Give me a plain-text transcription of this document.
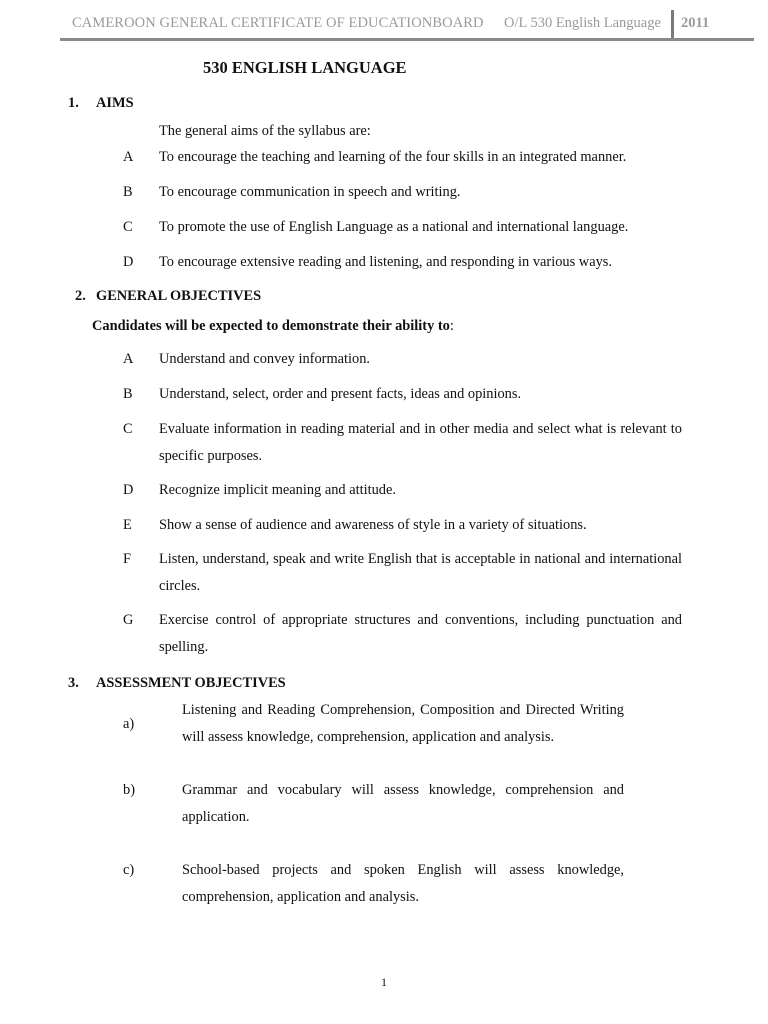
CAMEROON GENERAL CERTIFICATE OF EDUCATIONBOARD O/L 530 English Language 2011
530 ENGLISH LANGUAGE
1. AIMS
The general aims of the syllabus are:
A To encourage the teaching and learning of the four skills in an integrated manner.
B To encourage communication in speech and writing.
C To promote the use of English Language as a national and international language.
D To encourage extensive reading and listening, and responding in various ways.
2. GENERAL OBJECTIVES
Candidates will be expected to demonstrate their ability to:
A Understand and convey information.
B Understand, select, order and present facts, ideas and opinions.
C Evaluate information in reading material and in other media and select what is relevant to specific purposes.
D Recognize implicit meaning and attitude.
E Show a sense of audience and awareness of style in a variety of situations.
F Listen, understand, speak and write English that is acceptable in national and international circles.
G Exercise control of appropriate structures and conventions, including punctuation and spelling.
3. ASSESSMENT OBJECTIVES
a)
Listening and Reading Comprehension, Composition and Directed Writing will assess knowledge, comprehension, application and analysis.
b)	Grammar and vocabulary will assess knowledge, comprehension and application.
c)	School-based projects and spoken English will assess knowledge, comprehension, application and analysis.
1
